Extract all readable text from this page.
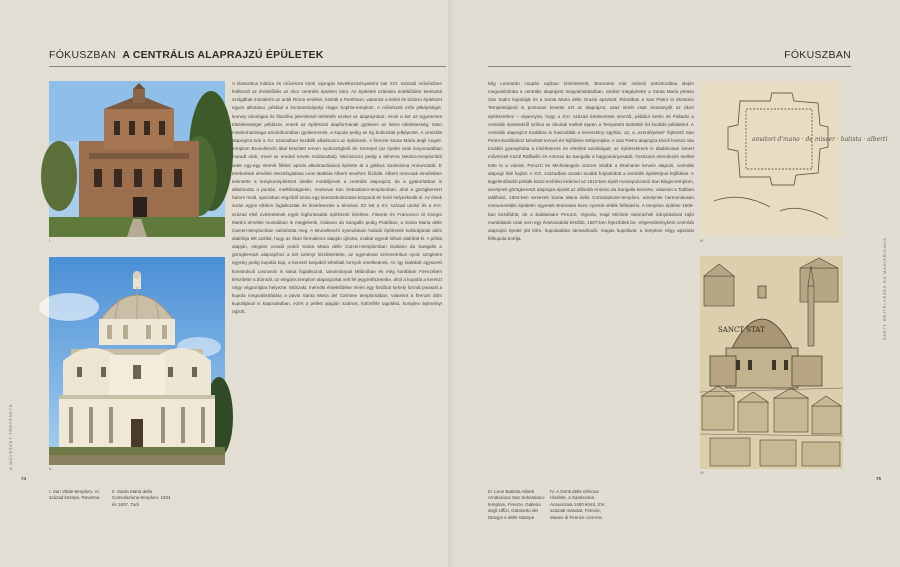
FÓKUSZBAN A CENTRÁLIS ALAPRAJZÚ ÉPÜLETEK
I.
II.

A klasszikus kultúra és művészet iránti rajongás következményeként sok XVI. századi művészben felébredt az érdeklődés az ókor centrális épületei iránt. Az épületek számára érdeklődést keresztül szolgáltak mintaként az antik Róma emlékei, köztük a Pantheon, valamint a keleti és bizánci építészet egyes alkotásai, például a konstantinápolyi Hagia Sophia-templom. A művészek erős jelképiséget, komoly ideológiai és filozófiai jelentéssel telítették ezeket az alaprajzokat, mivel a kör az egyetemes tökéletességet példázta; ennek az építészeti alapformának gyökerei az isteni tökéletesség, Isten mindenhatósága szimbólumában gyökereznek, a kupola pedig az ég boltozatát jelképezte. A centrális alaprajzot már a XV. században kezdték alkalmazni az építészek. A firenzei Santa Maria degli Angeli-templom Brunelleschi által készített terven nyolcszögletű tér szerepel (az épület csak lenyomatában maradt ránk, mivel az eredeti tervek módosultak). Michelozzo pedig a Minerva Medica-templomból vette egy-egy elemét féltkör apszis alkalmazásával építette át a gótikus Santissima Annunziatát. E törekvések elméleti összefoglalása Leon Battista Alberti nevéhez fűződik. Alberti nemcsak elméletben tekintette a templomépítészet ideális modelljének a centrális alaprajzot, de a gyakorlatban is alkalmazta a puntán, melltősságtelen, mantovai San Sebastiano-templomban, ahol a görögkereszt három rövid, apszisban végződő szára egy keresztboltozatos központi tér köré helyezkedik el. Az élvek során egyre többen foglalkoztak és kísérleteztek a témával. Ez lett a XV. század utolsó és a XVI. század első évtizedeinek egyik legfontosabb építészeti kérdése. Filarete és Francesco di Giorgio Martini elméleti munkáiban is megjelenik, Giuliano da Sangallo pedig Pratóban, a Santa Maria delle Carceri-templomban valósította meg. A Brunelleschi nyomdokain haladó építészek kultúrájának aktív alakítója lett azáltal, hogy az ókori formakincs alapján újította, ezáltal egyedi stílust alakított ki. A példa alapján, elegáns vonalú pratói Santa Maria delle Carceri-templomban Giuliano da Sangallo a görögkereszt alaprajzhoz a két szárnyt kiszélesítette, az egymással szimmetrikus nyolc szögletes egység pedig kupolát kap, a kereszt karjaiból kétoldalt tornyok emelkednek. Az így kialakult egyszerű konstrukció Leonardo is sokat foglalkozott, tanulmányait Milánóban és még korábban Firenzében készítette a dómnál, az elegáns templom alaprajzokat vett fel jegyzetfüzeteibe, ahol a kupolát a kereszt négy végpontjára helyezte. Műszaki, mérnöki érdeklődése révén egy fordított kehely formát javasolt a kupola megvalósítására a pavia Santa Maria del Carmine templomában, valamint a firenzei dóm kupolájával is kapcsolatban, ezért a pellett alapján számos, különféle tagolású, komplex épitményt rajzolt.

I. San Vitale-templom, VI. század közepe, Ravenna
II. Santa Maria della Consolazione-templom, 1504 és 1607, Todi
74
A MŰVÉSZET TÖRTÉNETE
FÓKUSZBAN

Míg Leonardo csupán rajzban kísérletezett, Bramante már milánói tartózkodása idején megvalósította a centrális alaprajzot megvalósításában, amikor megépítette a Santa Maria presso San Satiro kupoláját és a Santa Maria delle Grazie apszisát. Rómában a San Pietro in Montorio Tempiettójánál is pontosan követte ezt az alaprajzot, azaz ismét csak visszanyúlt az ókori építészethez – olyannyira, hogy a XVI. század értekezések szerzői, például Serlio és Palladio a centrális épületekről szólva az ókoriak mellett éppen a Tempiettót tüntették fel korábbi példaként. A centrális alaprajzot továbbra is használták a keresztény egyház, az, a „szentélyeket” fejlesztő San Pietro-bazilikához készített tervvel ért fejlődése tetőpontjára. A San Pietro alaprajza körüli hosszú vita további gyarapította a kísérletezés és elméleti tanulságait; az építészeknek is általánosan ismert művészek közül Raffaello és Antonio da Sangallo a hagyományosabb, hosszanti elrendezés mellett tette le a voksot, Peruzzi és Michelangelo viszont inkább a Bramante tervein alapuló, centrális alaprajz felé hajlott. A XVI. században azután tovább folytatódott a centrális épülettípus fejlődése. A legjelentősebb példák közül említést érdemel az 1510-ben épült montepulcianói San Biagio-templom, amelynek görögkereszt alaprajza épület az idősebb Antonio da Sangallo tervezte, valamint a Todiban található, 1504-ben tervezett Santa Maria della Consolazione-templom, amelynek harmonikusan monumentális épületén egyesek Bramante keze nyomát vélték felfedezni. A templom építése 1508-ban kezdődött, de a Baldassare Peruzzi, Vignola, majd Michele Sanmicheli irányításával zajló munkálatok csak nem egy évszázaddal később, 1607-ben fejeződtek be. Végeredményként centrális alaprajzú épület jött létre, kupolaalátra támaszkodó, magas kupolával, a templom négy apszisát félkupola borítja.

amatori d'mano · de misser · batista · albertí
III.
SANCT STAT
IV.
III. Leon Battista Alberti Amatorious San Sebastiano-templom, Firenze, Galleria degli Uffizi, Gabinetto dei Disegni e delle Stampe
IV. A Genti della Gênova részlete, a Santissima Annunziata 1480 körül, XVI. századi másolat, Firenze, Museo di Firenze com'era
75
ESETT REJTÉLYEZÉS ÉS MANIERIZMUS
